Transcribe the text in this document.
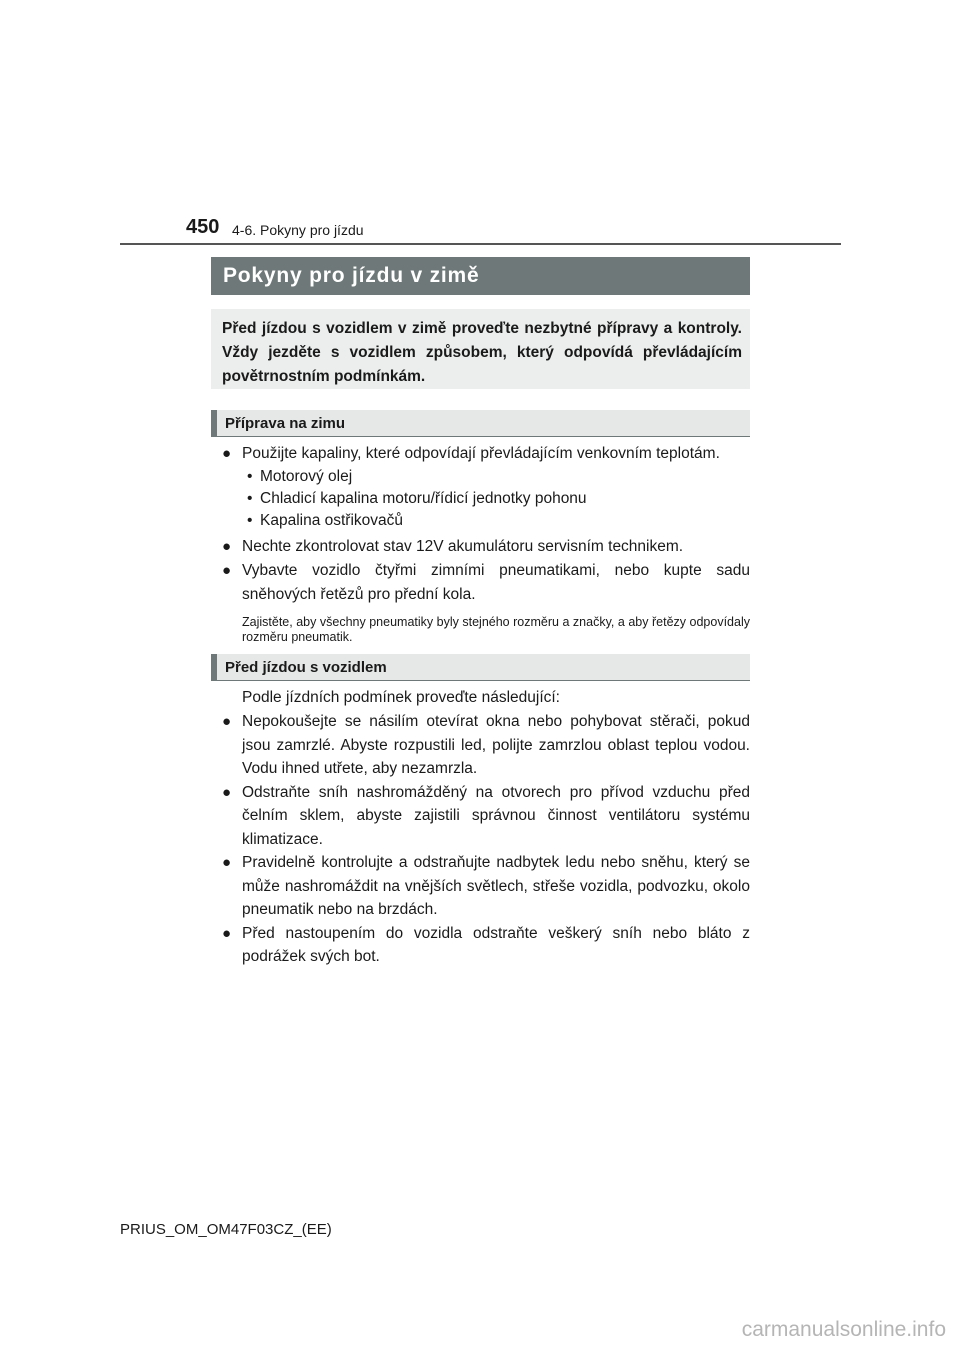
450 4-6. Pokyny pro jízdu
Pokyny pro jízdu v zimě
Před jízdou s vozidlem v zimě proveďte nezbytné přípravy a kontroly. Vždy jezděte s vozidlem způsobem, který odpovídá převládajícím povětrnostním podmínkám.
Příprava na zimu
● Použijte kapaliny, které odpovídají převládajícím venkovním teplotám.
• Motorový olej
• Chladicí kapalina motoru/řídicí jednotky pohonu
• Kapalina ostřikovačů
● Nechte zkontrolovat stav 12V akumulátoru servisním technikem.
● Vybavte vozidlo čtyřmi zimními pneumatikami, nebo kupte sadu sněhových řetězů pro přední kola.
Zajistěte, aby všechny pneumatiky byly stejného rozměru a značky, a aby řetězy odpovídaly rozměru pneumatik.
Před jízdou s vozidlem
Podle jízdních podmínek proveďte následující:
● Nepokoušejte se násilím otevírat okna nebo pohybovat stěrači, pokud jsou zamrzlé. Abyste rozpustili led, polijte zamrzlou oblast teplou vodou. Vodu ihned utřete, aby nezamrzla.
● Odstraňte sníh nashromážděný na otvorech pro přívod vzduchu před čelním sklem, abyste zajistili správnou činnost ventilátoru systému klimatizace.
● Pravidelně kontrolujte a odstraňujte nadbytek ledu nebo sněhu, který se může nashromáždit na vnějších světlech, střeše vozidla, podvozku, okolo pneumatik nebo na brzdách.
● Před nastoupením do vozidla odstraňte veškerý sníh nebo bláto z podrážek svých bot.
PRIUS_OM_OM47F03CZ_(EE)
carmanualsonline.info
